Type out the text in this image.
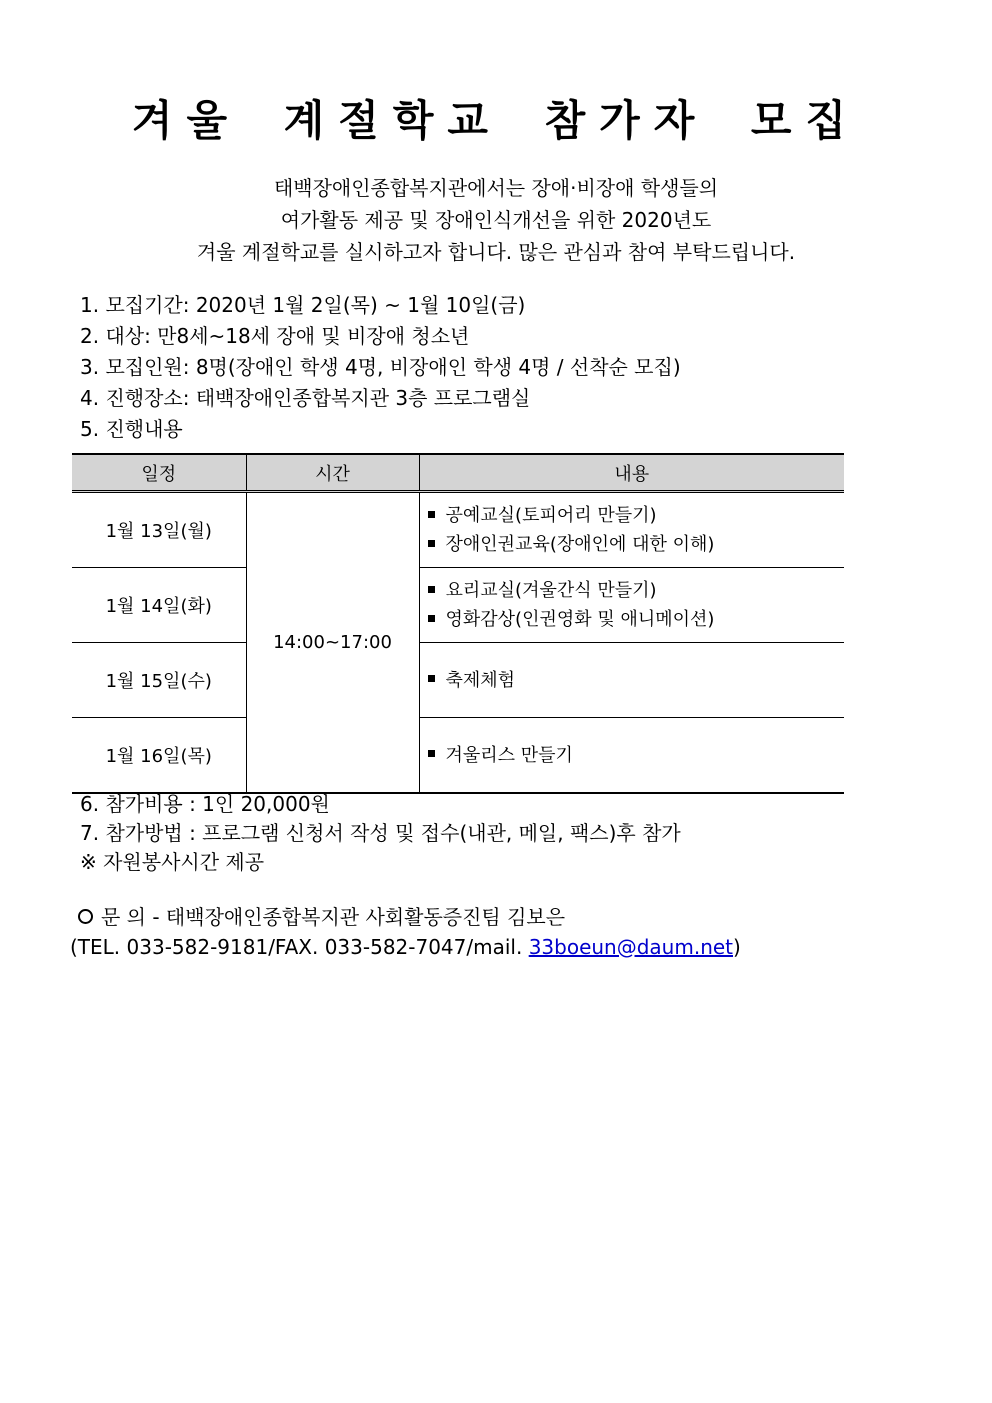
겨울 계절학교 참가자 모집
태백장애인종합복지관에서는 장애·비장애 학생들의
여가활동 제공 및 장애인식개선을 위한 2020년도
겨울 계절학교를 실시하고자 합니다. 많은 관심과 참여 부탁드립니다.
1. 모집기간: 2020년 1월 2일(목) ~ 1월 10일(금)
2. 대상: 만8세~18세 장애 및 비장애 청소년
3. 모집인원: 8명(장애인 학생 4명, 비장애인 학생 4명 / 선착순 모집)
4. 진행장소: 태백장애인종합복지관 3층 프로그램실
5. 진행내용
일정	시간	내용
1월 13일(월)	14:00~17:00	공예교실(토피어리 만들기)
장애인권교육(장애인에 대한 이해)

1월 14일(화)		요리교실(겨울간식 만들기)
영화감상(인권영화 및 애니메이션)

1월 15일(수)		축제체험

1월 16일(목)		겨울리스 만들기
6. 참가비용 : 1인 20,000원
7. 참가방법 : 프로그램 신청서 작성 및 접수(내관, 메일, 팩스)후 참가
※ 자원봉사시간 제공
문 의 - 태백장애인종합복지관 사회활동증진팀 김보은
(TEL. 033-582-9181/FAX. 033-582-7047/mail. 33boeun@daum.net)
